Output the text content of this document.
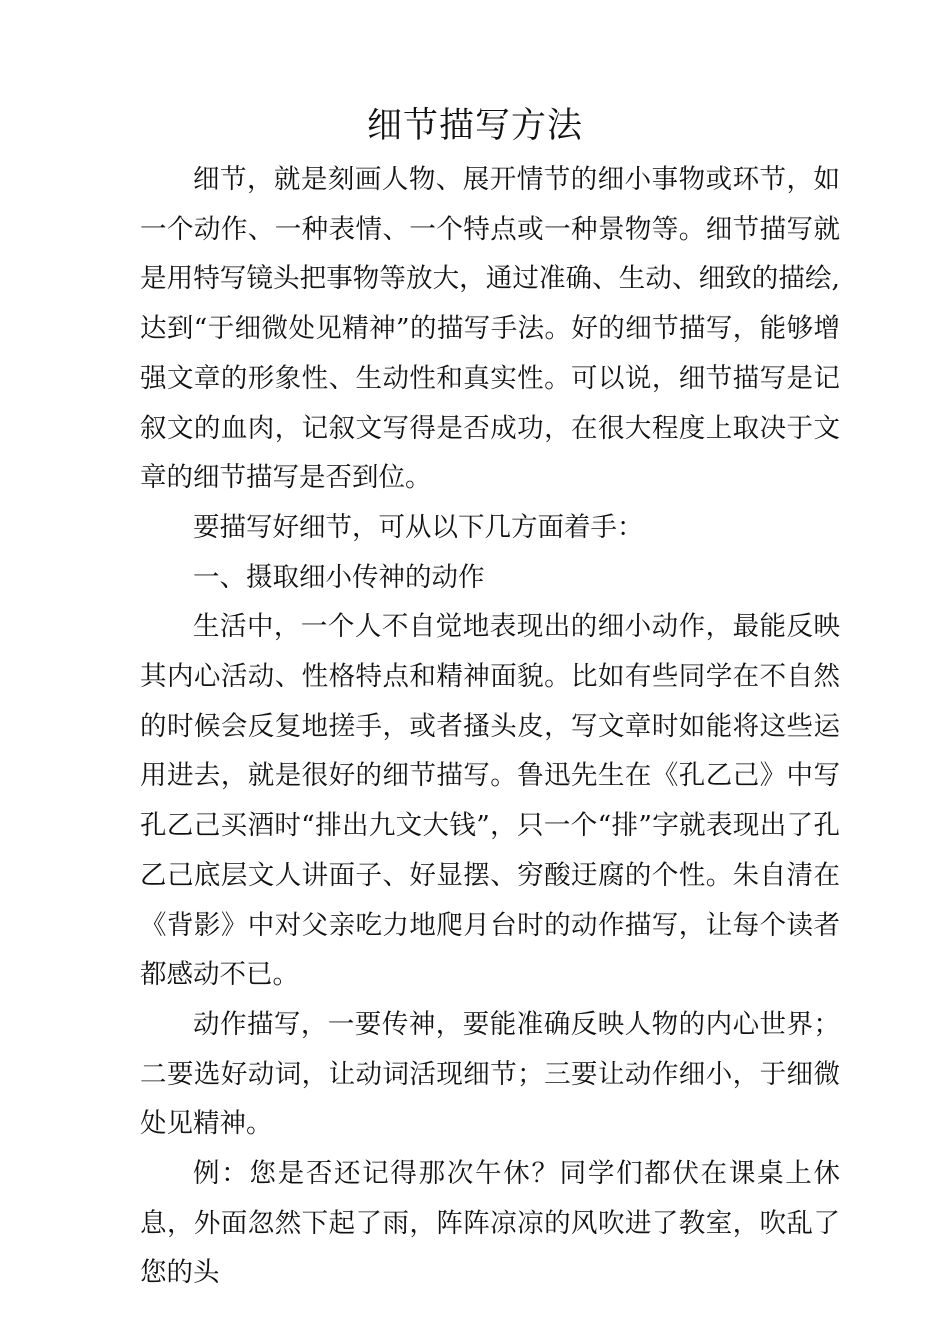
细节描写方法

细节，就是刻画人物、展开情节的细小事物或环节，如一个动作、一种表情、一个特点或一种景物等。细节描写就是用特写镜头把事物等放大，通过准确、生动、细致的描绘,达到“于细微处见精神”的描写手法。好的细节描写，能够增强文章的形象性、生动性和真实性。可以说，细节描写是记叙文的血肉，记叙文写得是否成功，在很大程度上取决于文章的细节描写是否到位。

要描写好细节，可从以下几方面着手：

一、摄取细小传神的动作

生活中，一个人不自觉地表现出的细小动作，最能反映其内心活动、性格特点和精神面貌。比如有些同学在不自然的时候会反复地搓手，或者搔头皮，写文章时如能将这些运用进去，就是很好的细节描写。鲁迅先生在《孔乙己》中写孔乙己买酒时“排出九文大钱”，只一个“排”字就表现出了孔乙己底层文人讲面子、好显摆、穷酸迂腐的个性。朱自清在《背影》中对父亲吃力地爬月台时的动作描写，让每个读者都感动不已。

动作描写，一要传神，要能准确反映人物的内心世界；二要选好动词，让动词活现细节；三要让动作细小，于细微处见精神。

例：您是否还记得那次午休？同学们都伏在课桌上休息，外面忽然下起了雨，阵阵凉凉的风吹进了教室，吹乱了您的头
